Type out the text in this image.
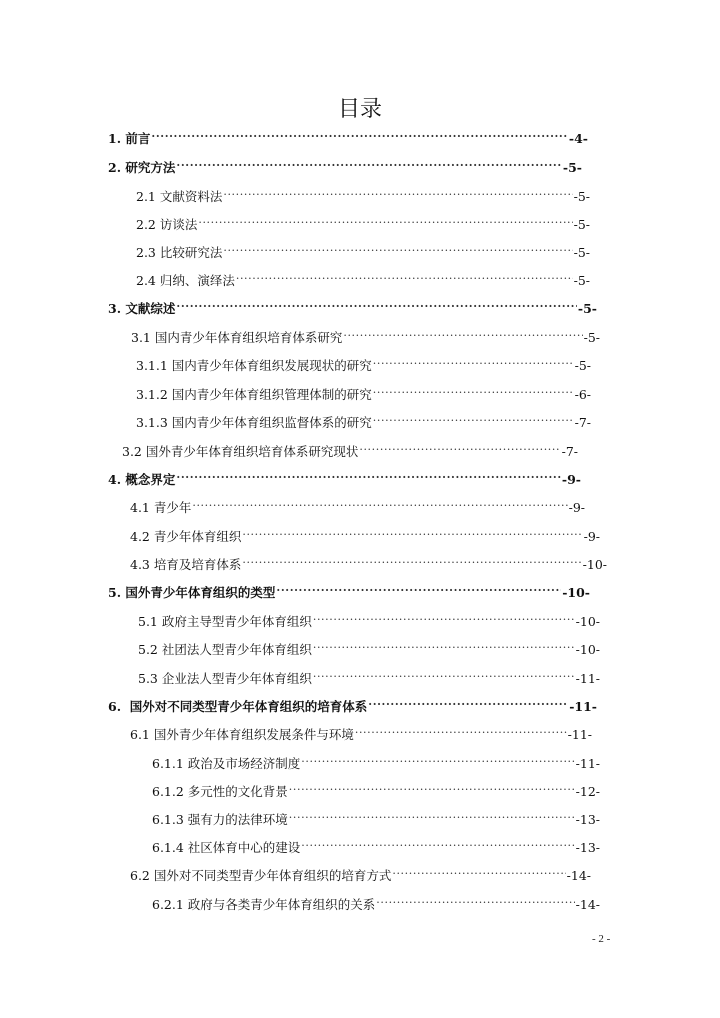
目录
1. 前言 ·····	-4-
2. 研究方法 ·····	-5-
2.1 文献资料法 ·····	-5-
2.2 访谈法 ·····	-5-
2.3 比较研究法 ·····	-5-
2.4 归纳、演绎法 ·····	-5-
3. 文献综述 ·····	-5-
3.1 国内青少年体育组织培育体系研究 ·····	-5-
3.1.1 国内青少年体育组织发展现状的研究 ·····	-5-
3.1.2 国内青少年体育组织管理体制的研究 ·····	-6-
3.1.3 国内青少年体育组织监督体系的研究 ·····	-7-
3.2 国外青少年体育组织培育体系研究现状 ·····	-7-
4. 概念界定 ·····	-9-
4.1 青少年 ·····	-9-
4.2 青少年体育组织 ·····	-9-
4.3 培育及培育体系 ·····	-10-
5. 国外青少年体育组织的类型 ·····	-10-
5.1 政府主导型青少年体育组织 ·····	-10-
5.2 社团法人型青少年体育组织 ·····	-10-
5.3 企业法人型青少年体育组织 ·····	-11-
6.  国外对不同类型青少年体育组织的培育体系 ·····	-11-
6.1 国外青少年体育组织发展条件与环境 ·····	-11-
6.1.1 政治及市场经济制度 ·····	-11-
6.1.2 多元性的文化背景 ·····	-12-
6.1.3 强有力的法律环境 ·····	-13-
6.1.4 社区体育中心的建设 ·····	-13-
6.2 国外对不同类型青少年体育组织的培育方式 ·····	-14-
6.2.1 政府与各类青少年体育组织的关系 ·····	-14-
- 2 -
